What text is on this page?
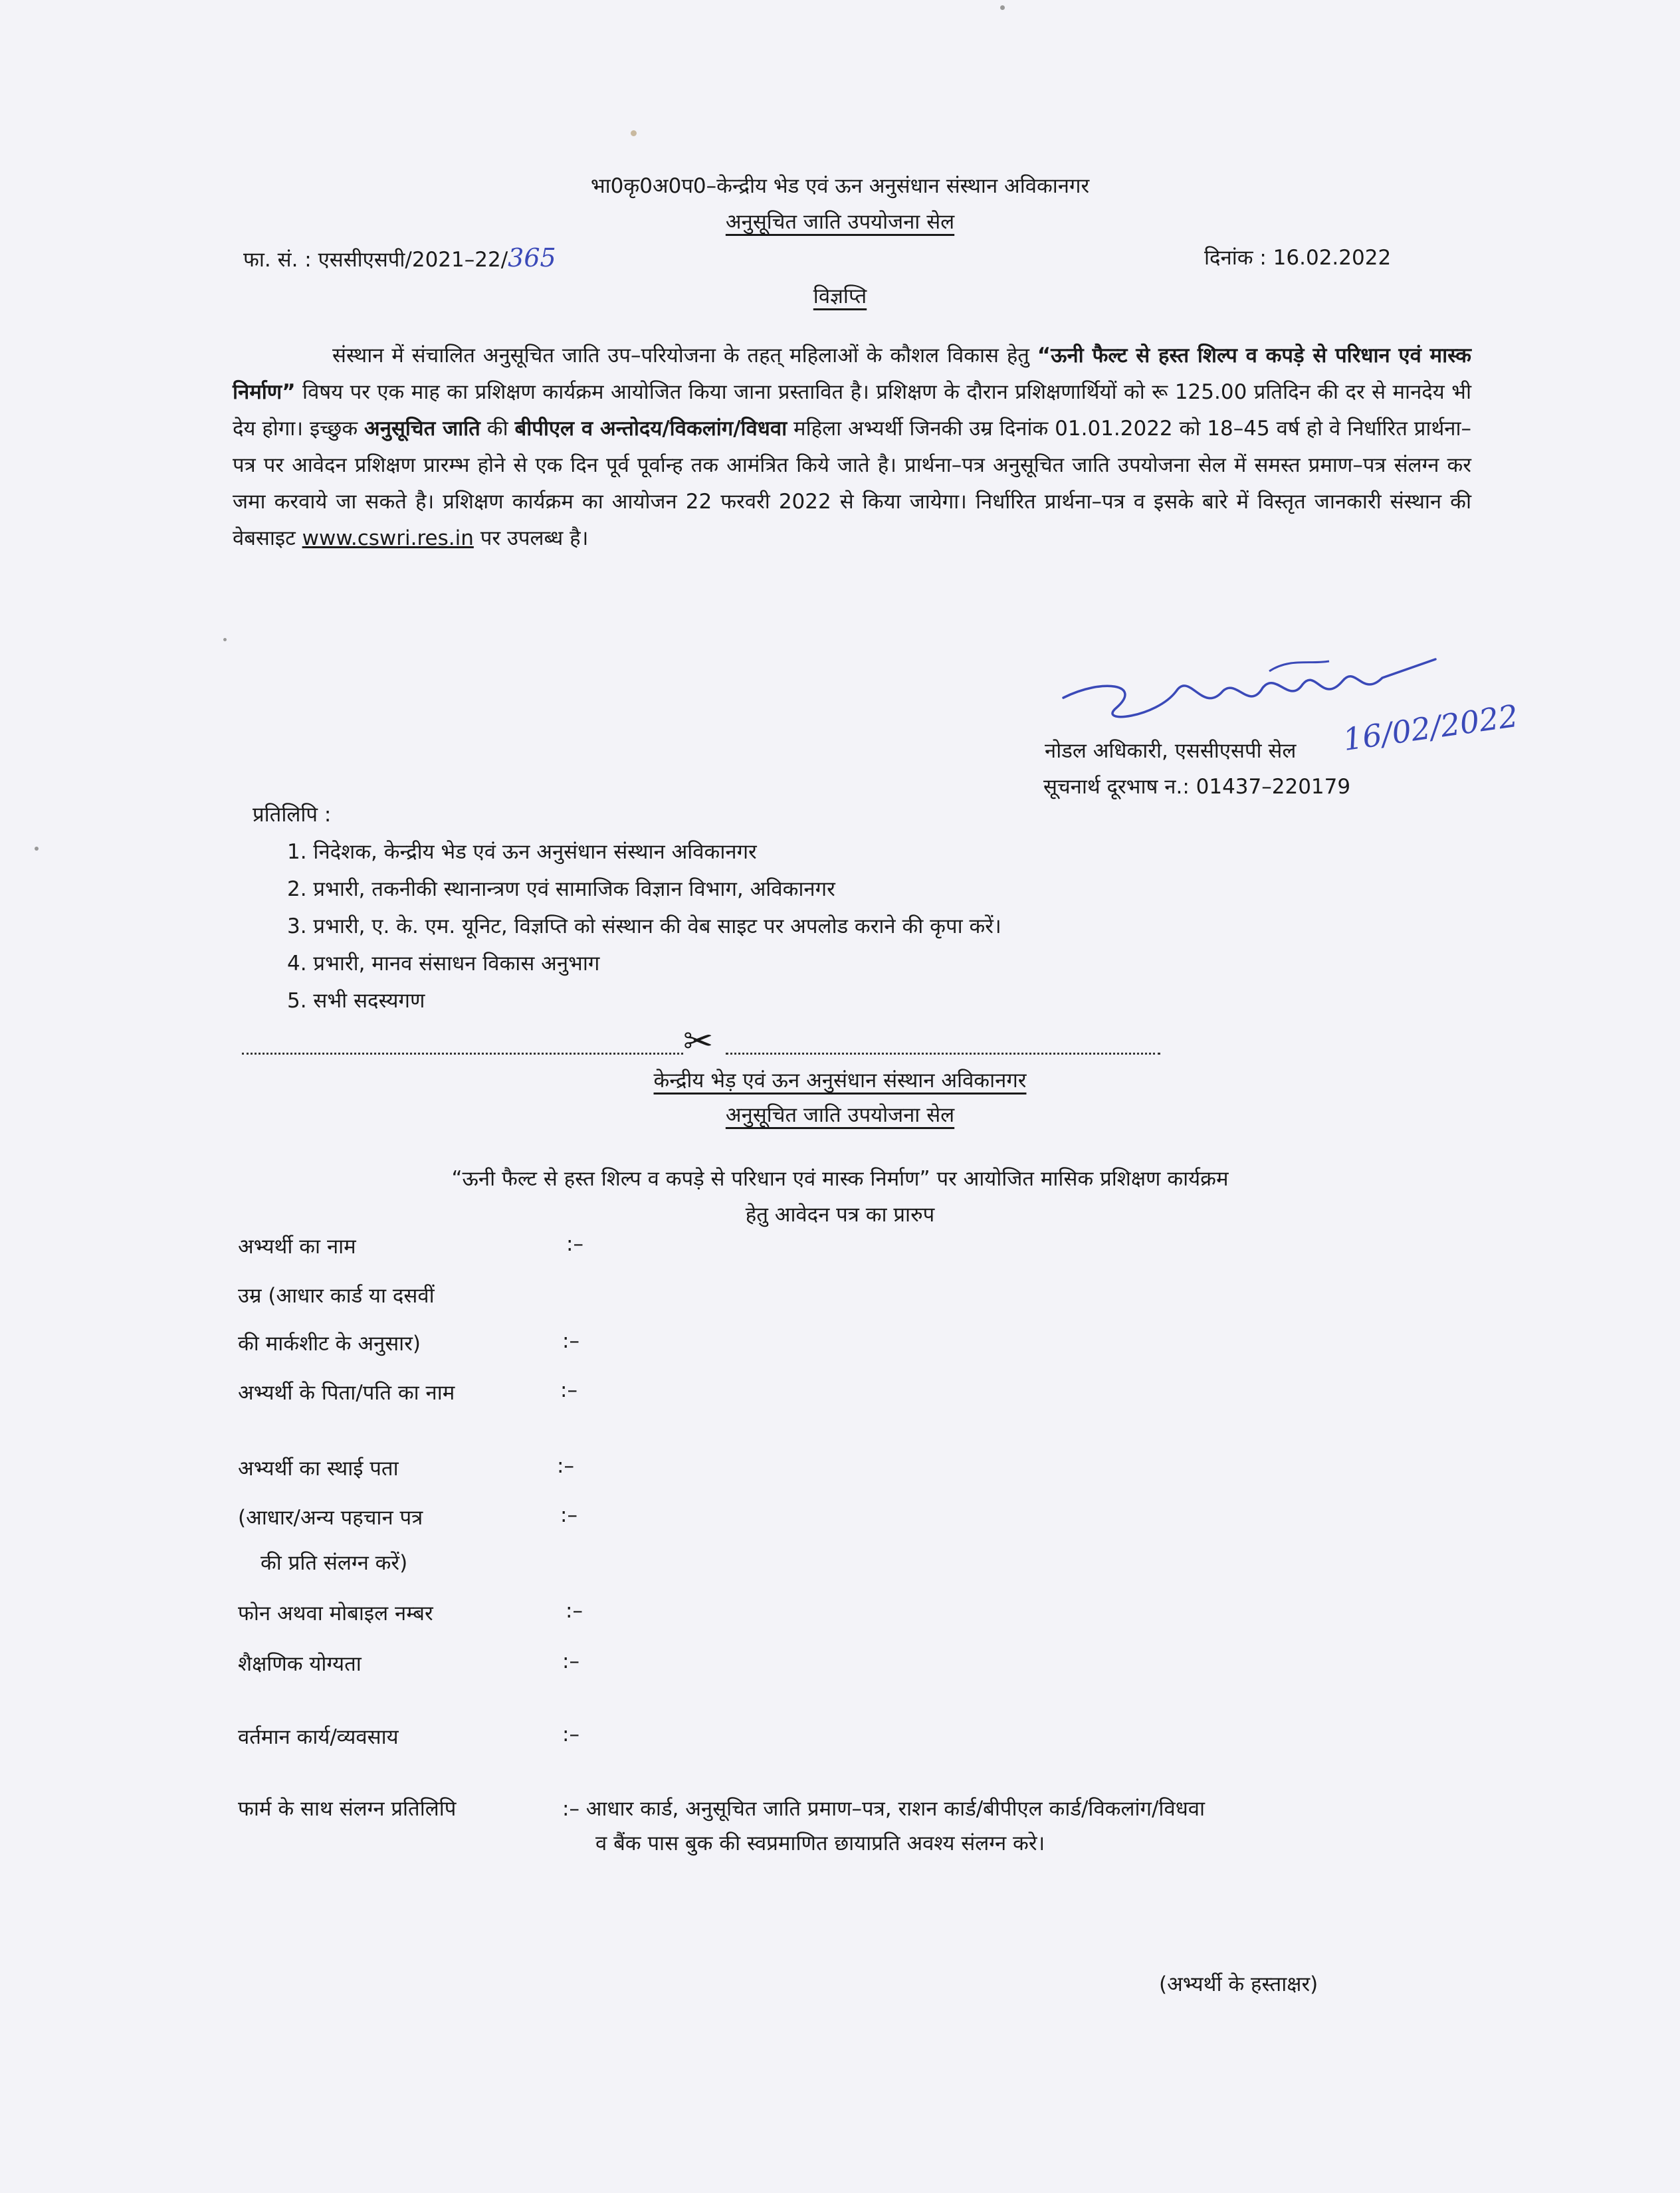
भा0कृ0अ0प0–केन्द्रीय भेड एवं ऊन अनुसंधान संस्थान अविकानगर
अनुसूचित जाति उपयोजना सेल
फा. सं. : एससीएसपी/2021–22/365	दिनांक : 16.02.2022
विज्ञप्ति
संस्थान में संचालित अनुसूचित जाति उप–परियोजना के तहत् महिलाओं के कौशल विकास हेतु “ऊनी फैल्ट से हस्त शिल्प व कपड़े से परिधान एवं मास्क निर्माण” विषय पर एक माह का प्रशिक्षण कार्यक्रम आयोजित किया जाना प्रस्तावित है। प्रशिक्षण के दौरान प्रशिक्षणार्थियों को रू 125.00 प्रतिदिन की दर से मानदेय भी देय होगा। इच्छुक अनुसूचित जाति की बीपीएल व अन्तोदय/विकलांग/विधवा महिला अभ्यर्थी जिनकी उम्र दिनांक 01.01.2022 को 18–45 वर्ष हो वे निर्धारित प्रार्थना–पत्र पर आवेदन प्रशिक्षण प्रारम्भ होने से एक दिन पूर्व पूर्वान्ह तक आमंत्रित किये जाते है। प्रार्थना–पत्र अनुसूचित जाति उपयोजना सेल में समस्त प्रमाण–पत्र संलग्न कर जमा करवाये जा सकते है। प्रशिक्षण कार्यक्रम का आयोजन 22 फरवरी 2022 से किया जायेगा। निर्धारित प्रार्थना–पत्र व इसके बारे में विस्तृत जानकारी संस्थान की वेबसाइट www.cswri.res.in पर उपलब्ध है।
16/02/2022
नोडल अधिकारी, एससीएसपी सेल
सूचनार्थ दूरभाष न.: 01437–220179
प्रतिलिपि :
1. निदेशक, केन्द्रीय भेड एवं ऊन अनुसंधान संस्थान अविकानगर
2. प्रभारी, तकनीकी स्थानान्त्रण एवं सामाजिक विज्ञान विभाग, अविकानगर
3. प्रभारी, ए. के. एम. यूनिट, विज्ञप्ति को संस्थान की वेब साइट पर अपलोड कराने की कृपा करें।
4. प्रभारी, मानव संसाधन विकास अनुभाग
5. सभी सदस्यगण
✂
केन्द्रीय भेड़ एवं ऊन अनुसंधान संस्थान अविकानगर
अनुसूचित जाति उपयोजना सेल
“ऊनी फैल्ट से हस्त शिल्प व कपड़े से परिधान एवं मास्क निर्माण” पर आयोजित मासिक प्रशिक्षण कार्यक्रम
हेतु आवेदन पत्र का प्रारुप
अभ्यर्थी का नाम	:–
उम्र (आधार कार्ड या दसवीं
की मार्कशीट के अनुसार)	:–
अभ्यर्थी के पिता/पति का नाम	:–
अभ्यर्थी का स्थाई पता	:–
(आधार/अन्य पहचान पत्र	:–
की प्रति संलग्न करें)
फोन अथवा मोबाइल नम्बर	:–
शैक्षणिक योग्यता	:–
वर्तमान कार्य/व्यवसाय	:–
फार्म के साथ संलग्न प्रतिलिपि	:– आधार कार्ड, अनुसूचित जाति प्रमाण–पत्र, राशन कार्ड/बीपीएल कार्ड/विकलांग/विधवा
व बैंक पास बुक की स्वप्रमाणित छायाप्रति अवश्य संलग्न करे।
(अभ्यर्थी के हस्ताक्षर)
